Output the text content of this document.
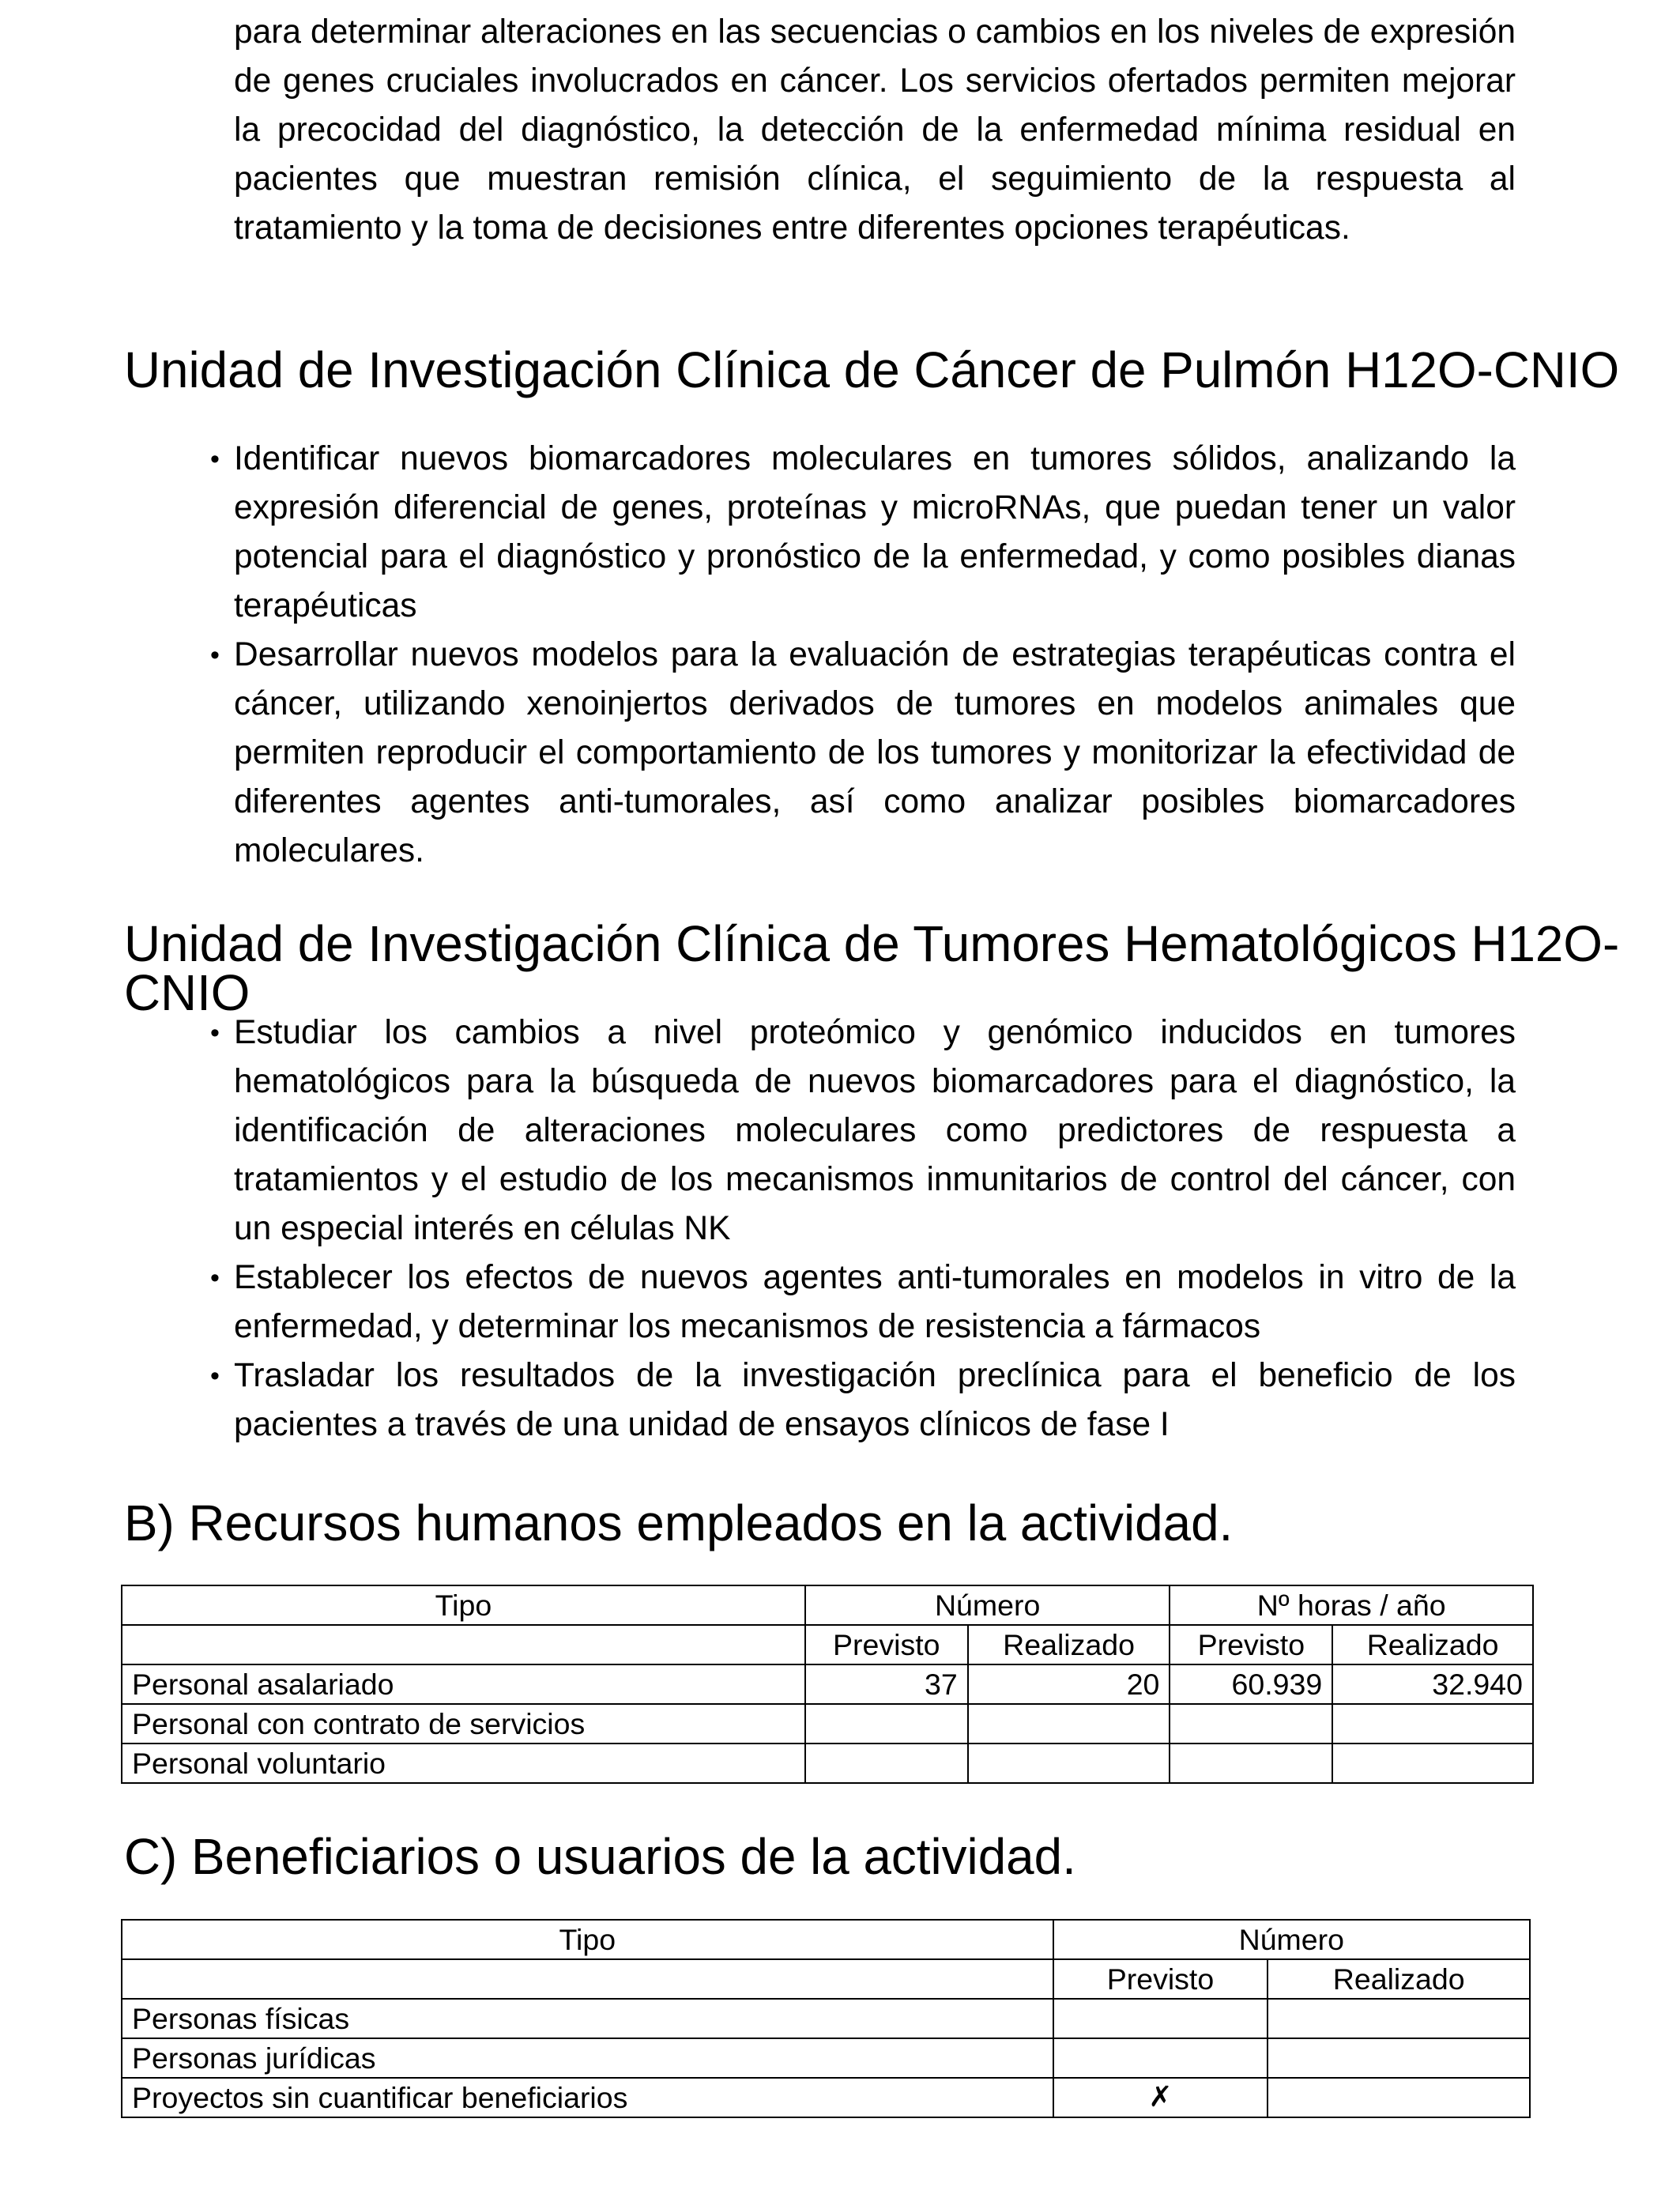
para determinar alteraciones en las secuencias o cambios en los niveles de expresión de genes cruciales involucrados en cáncer. Los servicios ofertados permiten mejorar la precocidad del diagnóstico, la detección de la enfermedad mínima residual en pacientes que muestran remisión clínica, el seguimiento de la respuesta al tratamiento y la toma de decisiones entre diferentes opciones terapéuticas.

Unidad de Investigación Clínica de Cáncer de Pulmón H12O-CNIO
• Identificar nuevos biomarcadores moleculares en tumores sólidos, analizando la expresión diferencial de genes, proteínas y microRNAs, que puedan tener un valor potencial para el diagnóstico y pronóstico de la enfermedad, y como posibles dianas terapéuticas
• Desarrollar nuevos modelos para la evaluación de estrategias terapéuticas contra el cáncer, utilizando xenoinjertos derivados de tumores en modelos animales que permiten reproducir el comportamiento de los tumores y monitorizar la efectividad de diferentes agentes anti-tumorales, así como analizar posibles biomarcadores moleculares.
Unidad de Investigación Clínica de Tumores Hematológicos H12O-CNIO
• Estudiar los cambios a nivel proteómico y genómico inducidos en tumores hematológicos para la búsqueda de nuevos biomarcadores para el diagnóstico, la identificación de alteraciones moleculares como predictores de respuesta a tratamientos y el estudio de los mecanismos inmunitarios de control del cáncer, con un especial interés en células NK
• Establecer los efectos de nuevos agentes anti-tumorales en modelos in vitro de la enfermedad, y determinar los mecanismos de resistencia a fármacos
• Trasladar los resultados de la investigación preclínica para el beneficio de los pacientes a través de una unidad de ensayos clínicos de fase I
B) Recursos humanos empleados en la actividad.
Tipo	Número		Nº horas / año	
	Previsto	Realizado	Previsto	Realizado
Personal asalariado	37	20	60.939	32.940
Personal con contrato de servicios				
Personal voluntario				
C) Beneficiarios o usuarios de la actividad.
Tipo	Número	
	Previsto	Realizado
Personas físicas		
Personas jurídicas		
Proyectos sin cuantificar beneficiarios	✗	
